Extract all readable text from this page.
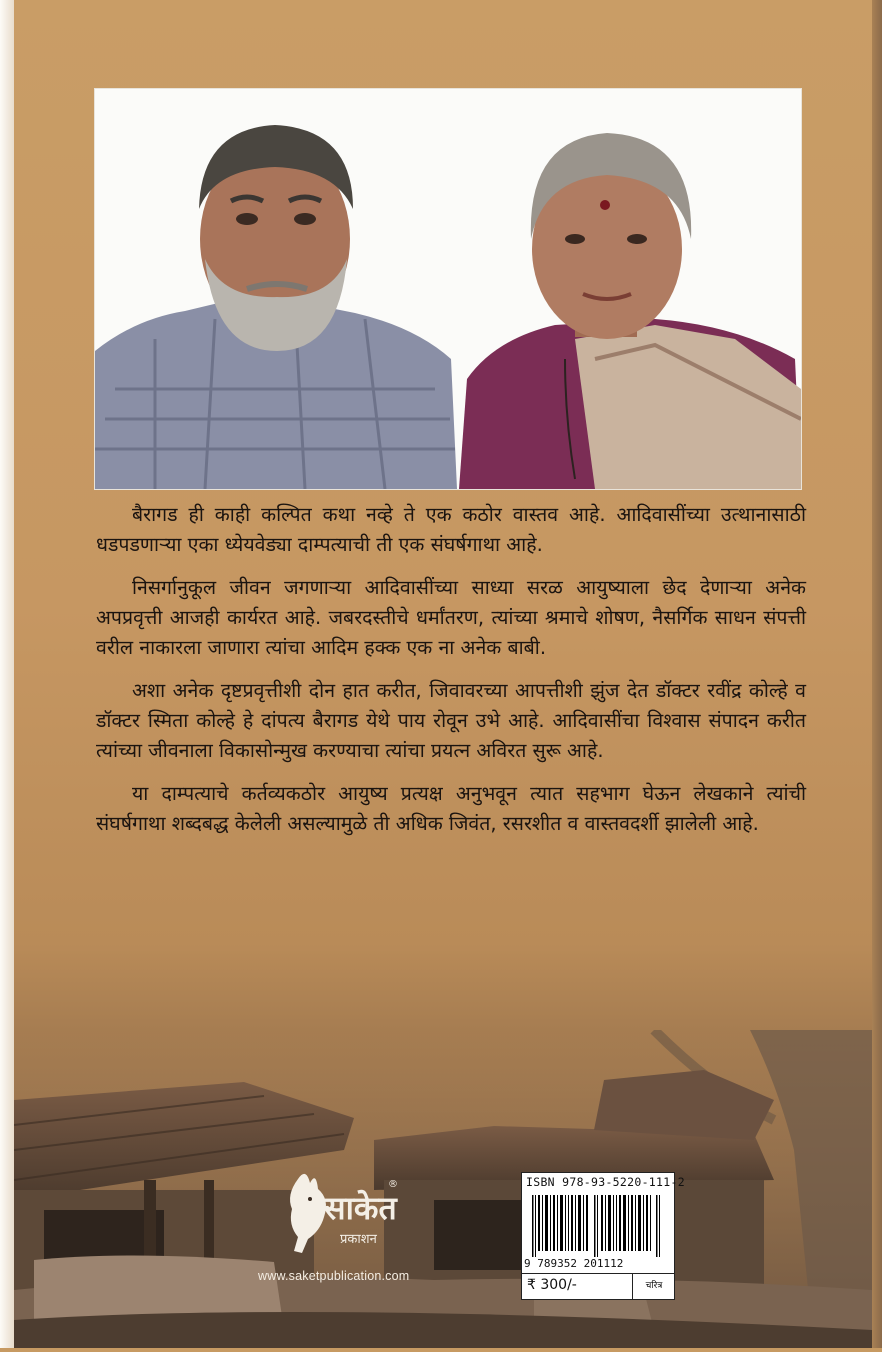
बैरागड ही काही कल्पित कथा नव्हे ते एक कठोर वास्तव आहे. आदिवासींच्या उत्थानासाठी धडपडणाऱ्या एका ध्येयवेड्या दाम्पत्याची ती एक संघर्षगाथा आहे.

निसर्गानुकूल जीवन जगणाऱ्या आदिवासींच्या साध्या सरळ आयुष्याला छेद देणाऱ्या अनेक अपप्रवृत्ती आजही कार्यरत आहे. जबरदस्तीचे धर्मांतरण, त्यांच्या श्रमाचे शोषण, नैसर्गिक साधन संपत्ती वरील नाकारला जाणारा त्यांचा आदिम हक्क एक ना अनेक बाबी.

अशा अनेक दृष्टप्रवृत्तीशी दोन हात करीत, जिवावरच्या आपत्तीशी झुंज देत डॉक्टर रवींद्र कोल्हे व डॉक्टर स्मिता कोल्हे हे दांपत्य बैरागड येथे पाय रोवून उभे आहे. आदिवासींचा विश्वास संपादन करीत त्यांच्या जीवनाला विकासोन्मुख करण्याचा त्यांचा प्रयत्न अविरत सुरू आहे.

या दाम्पत्याचे कर्तव्यकठोर आयुष्य प्रत्यक्ष अनुभवून त्यात सहभाग घेऊन लेखकाने त्यांची संघर्षगाथा शब्दबद्ध केलेली असल्यामुळे ती अधिक जिवंत, रसरशीत व वास्तवदर्शी झालेली आहे.

साकेत
प्रकाशन
®
www.saketpublication.com
ISBN 978-93-5220-111-2
9 789352 201112
₹ 300/-	चरित्र
